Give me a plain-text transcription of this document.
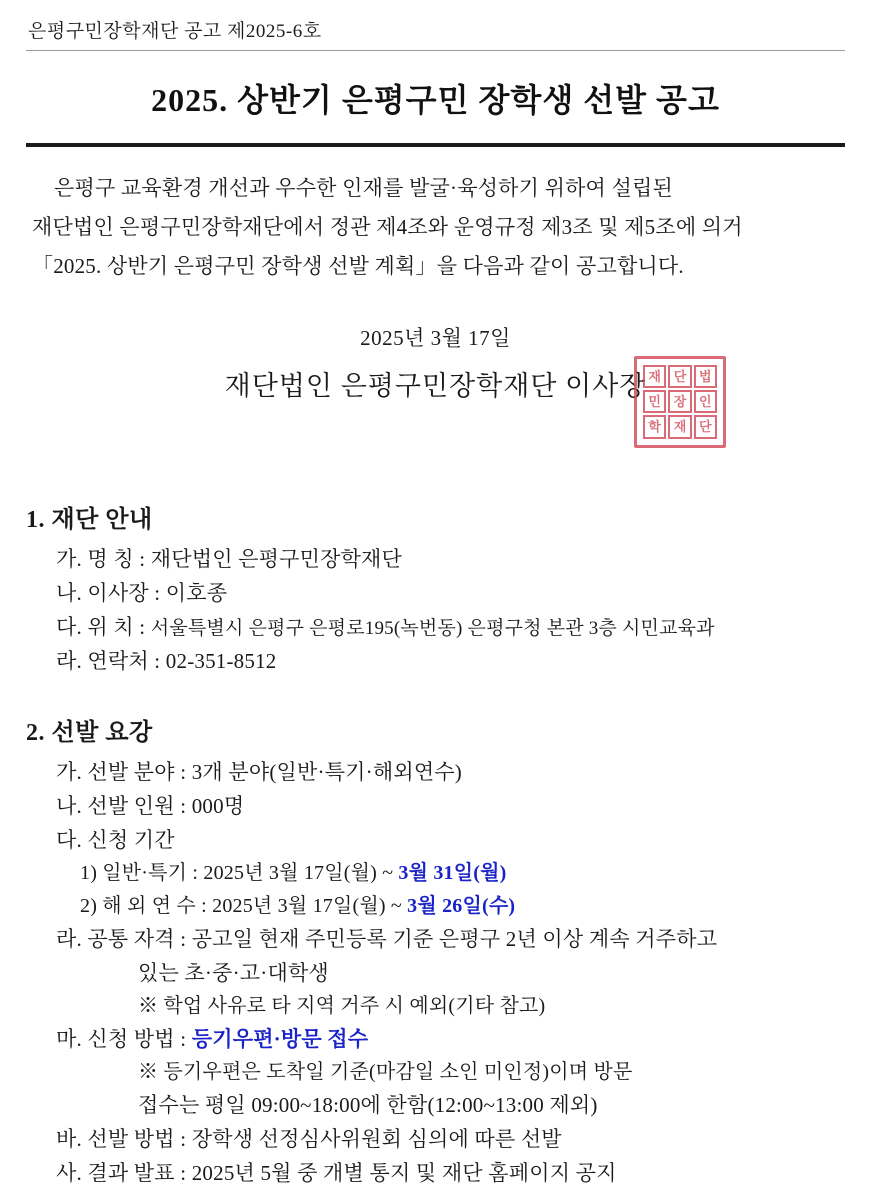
은평구민장학재단 공고 제2025-6호
2025. 상반기 은평구민 장학생 선발 공고
은평구 교육환경 개선과 우수한 인재를 발굴·육성하기 위하여 설립된
재단법인 은평구민장학재단에서 정관 제4조와 운영규정 제3조 및 제5조에 의거
「2025. 상반기 은평구민 장학생 선발 계획」을 다음과 같이 공고합니다.
2025년 3월 17일
재단법인 은평구민장학재단 이사장 재 단 법
민 장 인
학 재 단
1. 재단 안내
가. 명 칭 : 재단법인 은평구민장학재단
나. 이사장 : 이호종
다. 위 치 : 서울특별시 은평구 은평로195(녹번동) 은평구청 본관 3층 시민교육과
라. 연락처 : 02-351-8512
2. 선발 요강
가. 선발 분야 : 3개 분야(일반·특기·해외연수)
나. 선발 인원 : 000명
다. 신청 기간
1) 일반·특기 : 2025년 3월 17일(월) ~ 3월 31일(월)
2) 해 외 연 수 : 2025년 3월 17일(월) ~ 3월 26일(수)
라. 공통 자격 : 공고일 현재 주민등록 기준 은평구 2년 이상 계속 거주하고
있는 초·중·고·대학생
※ 학업 사유로 타 지역 거주 시 예외(기타 참고)
마. 신청 방법 : 등기우편·방문 접수
※ 등기우편은 도착일 기준(마감일 소인 미인정)이며 방문
접수는 평일 09:00~18:00에 한함(12:00~13:00 제외)
바. 선발 방법 : 장학생 선정심사위원회 심의에 따른 선발
사. 결과 발표 : 2025년 5월 중 개별 통지 및 재단 홈페이지 공지
